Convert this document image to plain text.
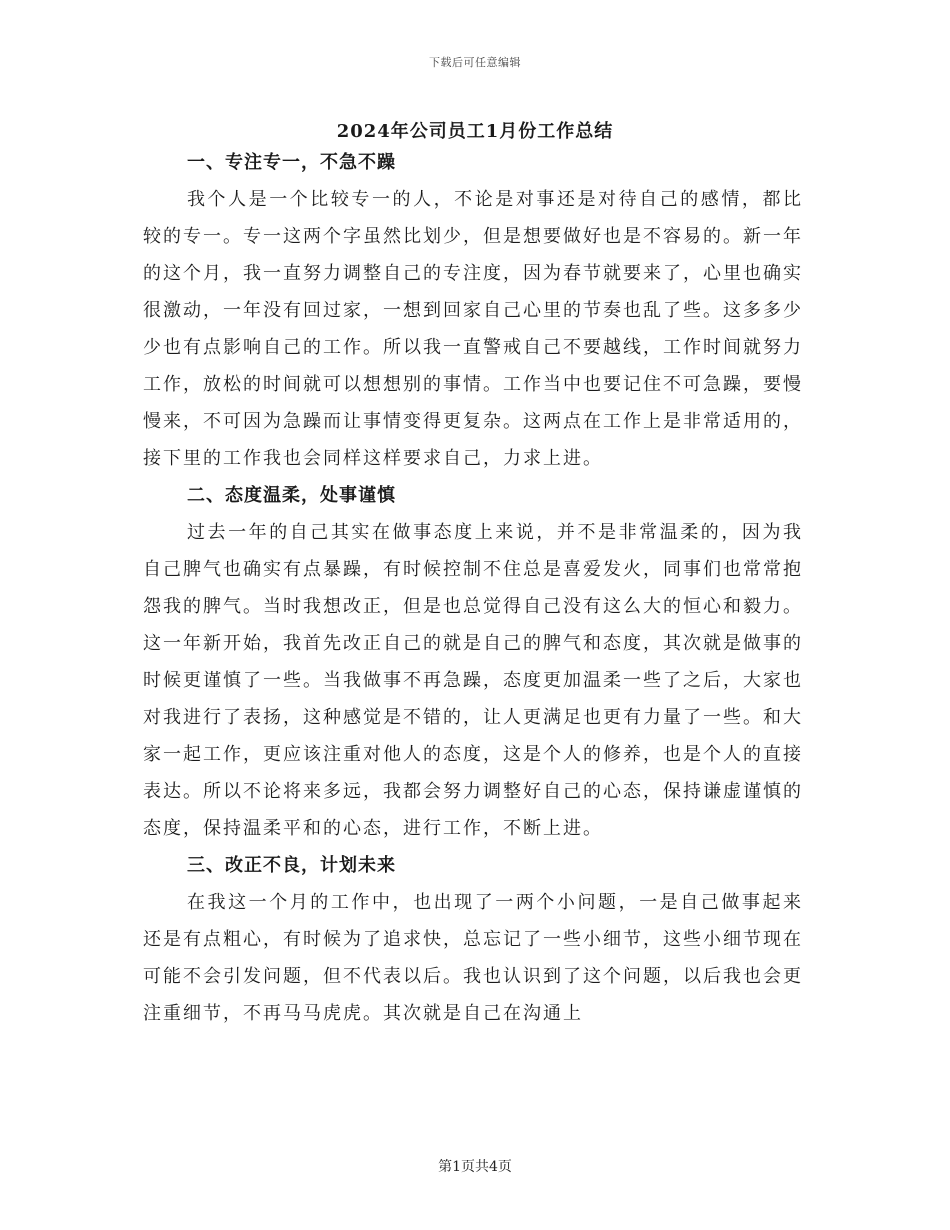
下载后可任意编辑
2024年公司员工1月份工作总结

一、专注专一，不急不躁

我个人是一个比较专一的人，不论是对事还是对待自己的感情，都比较的专一。专一这两个字虽然比划少，但是想要做好也是不容易的。新一年的这个月，我一直努力调整自己的专注度，因为春节就要来了，心里也确实很激动，一年没有回过家，一想到回家自己心里的节奏也乱了些。这多多少少也有点影响自己的工作。所以我一直警戒自己不要越线，工作时间就努力工作，放松的时间就可以想想别的事情。工作当中也要记住不可急躁，要慢慢来，不可因为急躁而让事情变得更复杂。这两点在工作上是非常适用的，接下里的工作我也会同样这样要求自己，力求上进。

二、态度温柔，处事谨慎

过去一年的自己其实在做事态度上来说，并不是非常温柔的，因为我自己脾气也确实有点暴躁，有时候控制不住总是喜爱发火，同事们也常常抱怨我的脾气。当时我想改正，但是也总觉得自己没有这么大的恒心和毅力。这一年新开始，我首先改正自己的就是自己的脾气和态度，其次就是做事的时候更谨慎了一些。当我做事不再急躁，态度更加温柔一些了之后，大家也对我进行了表扬，这种感觉是不错的，让人更满足也更有力量了一些。和大家一起工作，更应该注重对他人的态度，这是个人的修养，也是个人的直接表达。所以不论将来多远，我都会努力调整好自己的心态，保持谦虚谨慎的态度，保持温柔平和的心态，进行工作，不断上进。

三、改正不良，计划未来

在我这一个月的工作中，也出现了一两个小问题，一是自己做事起来还是有点粗心，有时候为了追求快，总忘记了一些小细节，这些小细节现在可能不会引发问题，但不代表以后。我也认识到了这个问题，以后我也会更注重细节，不再马马虎虎。其次就是自己在沟通上

第1页共4页
